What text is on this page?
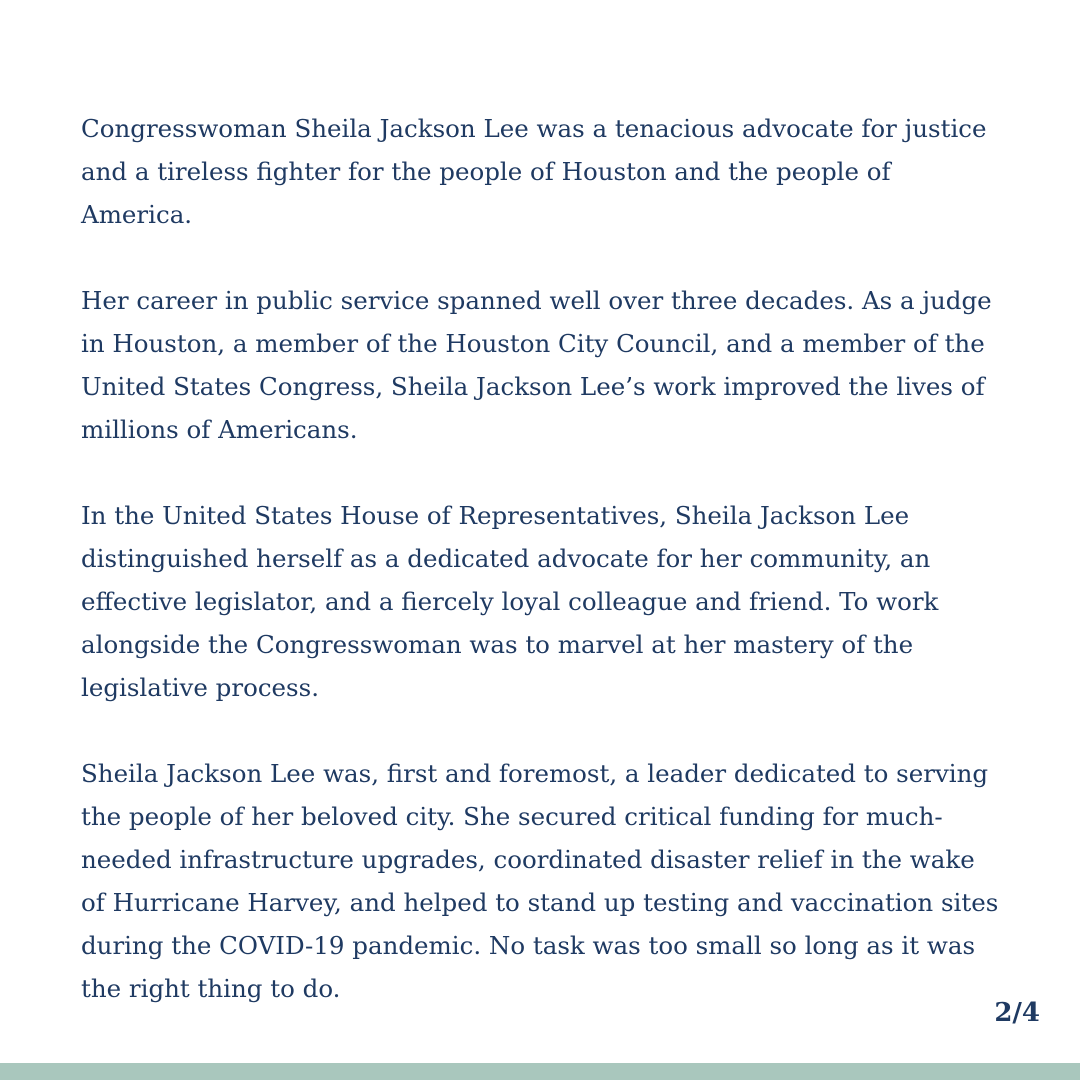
Congresswoman Sheila Jackson Lee was a tenacious advocate for justice
and a tireless fighter for the people of Houston and the people of America.

Her career in public service spanned well over three decades. As a judge
in Houston, a member of the Houston City Council, and a member of the
United States Congress, Sheila Jackson Lee’s work improved the lives of
millions of Americans.

In the United States House of Representatives, Sheila Jackson Lee
distinguished herself as a dedicated advocate for her community, an
effective legislator, and a fiercely loyal colleague and friend. To work
alongside the Congresswoman was to marvel at her mastery of the
legislative process.

Sheila Jackson Lee was, first and foremost, a leader dedicated to serving
the people of her beloved city. She secured critical funding for much-
needed infrastructure upgrades, coordinated disaster relief in the wake
of Hurricane Harvey, and helped to stand up testing and vaccination sites
during the COVID-19 pandemic. No task was too small so long as it was
the right thing to do.

2/4
